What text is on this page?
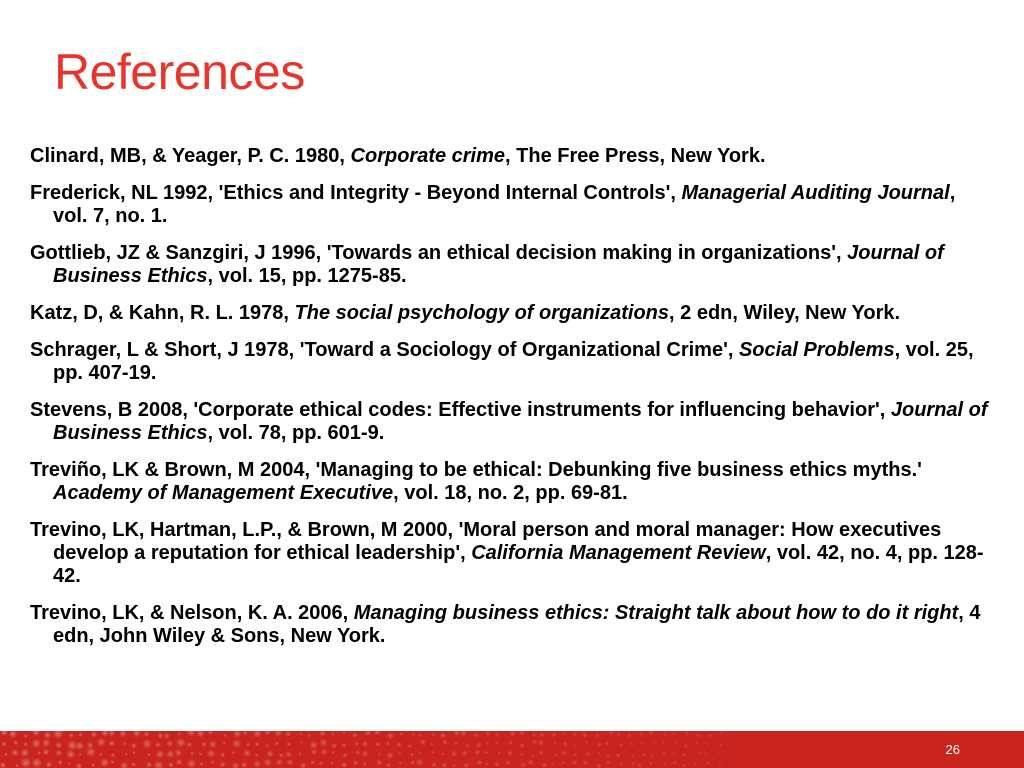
References
Clinard, MB, & Yeager, P. C. 1980, Corporate crime, The Free Press, New York.
Frederick, NL 1992, 'Ethics and Integrity - Beyond Internal Controls', Managerial Auditing Journal, vol. 7, no. 1.
Gottlieb, JZ & Sanzgiri, J 1996, 'Towards an ethical decision making in organizations', Journal of Business Ethics, vol. 15, pp. 1275-85.
Katz, D, & Kahn, R. L. 1978, The social psychology of organizations, 2 edn, Wiley, New York.
Schrager, L & Short, J 1978, 'Toward a Sociology of Organizational Crime', Social Problems, vol. 25, pp. 407-19.
Stevens, B 2008, 'Corporate ethical codes: Effective instruments for influencing behavior', Journal of Business Ethics, vol. 78, pp. 601-9.
Treviño, LK & Brown, M 2004, 'Managing to be ethical: Debunking five business ethics myths.' Academy of Management Executive, vol. 18, no. 2, pp. 69-81.
Trevino, LK, Hartman, L.P., & Brown, M 2000, 'Moral person and moral manager: How executives develop a reputation for ethical leadership', California Management Review, vol. 42, no. 4, pp. 128-42.
Trevino, LK, & Nelson, K. A. 2006, Managing business ethics: Straight talk about how to do it right, 4 edn, John Wiley & Sons, New York.
26
